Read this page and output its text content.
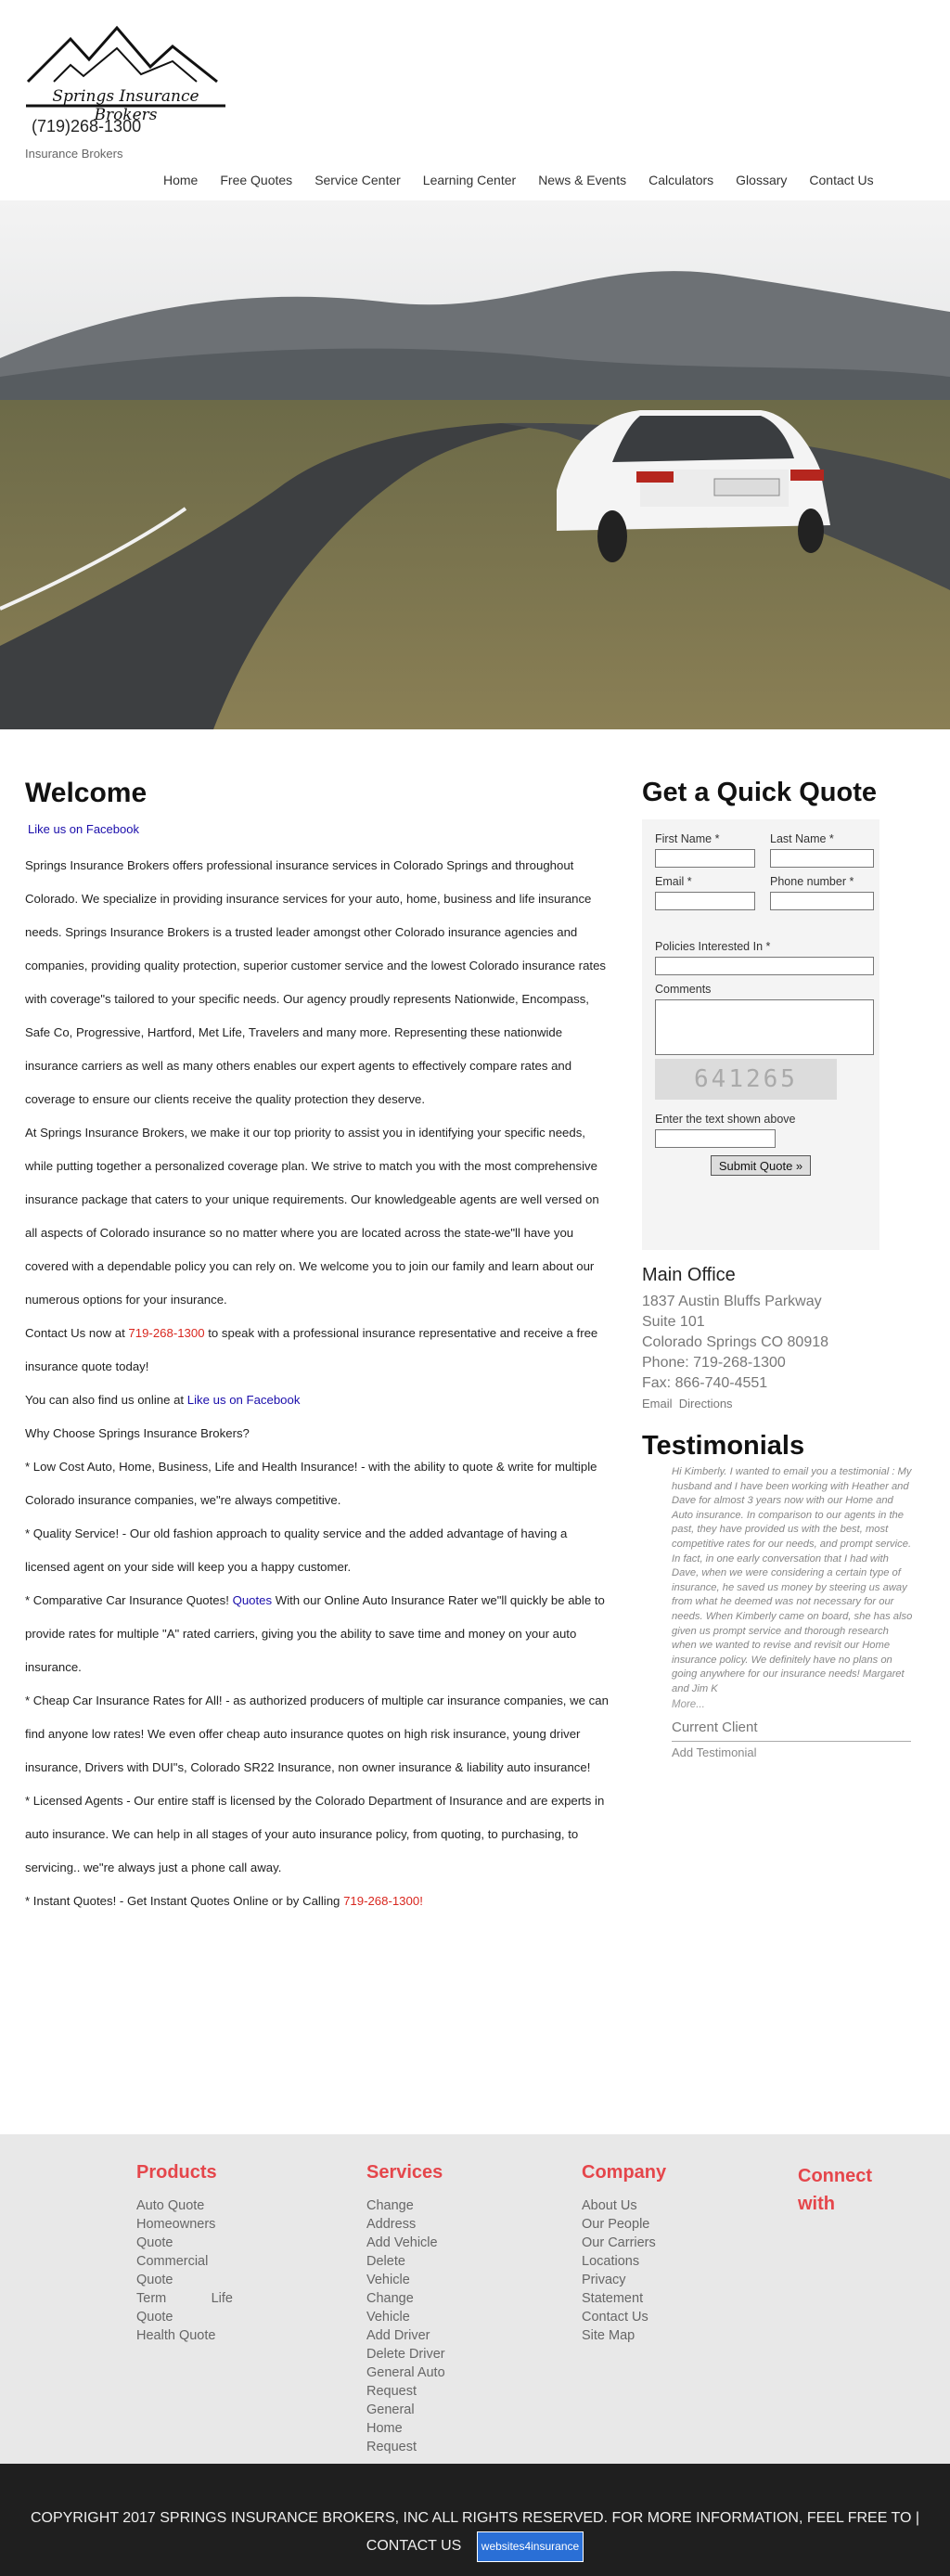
Springs Insurance Brokers
(719)268-1300
Insurance Brokers
Home	Free Quotes	Service Center	Learning Center	News & Events	Calculators	Glossary	Contact Us
Welcome
Like us on Facebook

Springs Insurance Brokers offers professional insurance services in Colorado Springs and throughout Colorado. We specialize in providing insurance services for your auto, home, business and life insurance needs. Springs Insurance Brokers is a trusted leader amongst other Colorado insurance agencies and companies, providing quality protection, superior customer service and the lowest Colorado insurance rates with coverage"s tailored to your specific needs. Our agency proudly represents Nationwide, Encompass, Safe Co, Progressive, Hartford, Met Life, Travelers and many more. Representing these nationwide insurance carriers as well as many others enables our expert agents to effectively compare rates and coverage to ensure our clients receive the quality protection they deserve.

At Springs Insurance Brokers, we make it our top priority to assist you in identifying your specific needs, while putting together a personalized coverage plan. We strive to match you with the most comprehensive insurance package that caters to your unique requirements. Our knowledgeable agents are well versed on all aspects of Colorado insurance so no matter where you are located across the state-we"ll have you covered with a dependable policy you can rely on. We welcome you to join our family and learn about our numerous options for your insurance.

Contact Us now at 719-268-1300 to speak with a professional insurance representative and receive a free insurance quote today!

You can also find us online at Like us on Facebook

Why Choose Springs Insurance Brokers?

* Low Cost Auto, Home, Business, Life and Health Insurance! - with the ability to quote & write for multiple Colorado insurance companies, we"re always competitive.

* Quality Service! - Our old fashion approach to quality service and the added advantage of having a licensed agent on your side will keep you a happy customer.

* Comparative Car Insurance Quotes! Quotes With our Online Auto Insurance Rater we"ll quickly be able to provide rates for multiple "A" rated carriers, giving you the ability to save time and money on your auto insurance.

* Cheap Car Insurance Rates for All! - as authorized producers of multiple car insurance companies, we can find anyone low rates! We even offer cheap auto insurance quotes on high risk insurance, young driver insurance, Drivers with DUI"s, Colorado SR22 Insurance, non owner insurance & liability auto insurance!

* Licensed Agents - Our entire staff is licensed by the Colorado Department of Insurance and are experts in auto insurance. We can help in all stages of your auto insurance policy, from quoting, to purchasing, to servicing.. we"re always just a phone call away.

* Instant Quotes! - Get Instant Quotes Online or by Calling 719-268-1300!

Get a Quick Quote
First Name *	Last Name *
Email *	Phone number *
Policies Interested In *
Comments
641265
Enter the text shown above
Submit Quote »
Main Office
1837 Austin Bluffs Parkway
Suite 101
Colorado Springs CO 80918
Phone: 719-268-1300
Fax: 866-740-4551
Email Directions
Testimonials
Hi Kimberly. I wanted to email you a testimonial : My husband and I have been working with Heather and Dave for almost 3 years now with our Home and Auto insurance. In comparison to our agents in the past, they have provided us with the best, most competitive rates for our needs, and prompt service. In fact, in one early conversation that I had with Dave, when we were considering a certain type of insurance, he saved us money by steering us away from what he deemed was not necessary for our needs. When Kimberly came on board, she has also given us prompt service and thorough research when we wanted to revise and revisit our Home insurance policy. We definitely have no plans on going anywhere for our insurance needs! Margaret and Jim K
More...
Current Client
Add Testimonial
Products
Auto Quote
Homeowners
Quote
Commercial
Quote
Term            Life
Quote
Health Quote
Services
Change
Address
Add Vehicle
Delete
Vehicle
Change
Vehicle
Add Driver
Delete Driver
General Auto
Request
General
Home
Request
Company
About Us
Our People
Our Carriers
Locations
Privacy
Statement
Contact Us
Site Map
Connect
with
COPYRIGHT 2017 SPRINGS INSURANCE BROKERS, INC ALL RIGHTS RESERVED. FOR MORE INFORMATION, FEEL FREE TO | CONTACT US websites4insurance
